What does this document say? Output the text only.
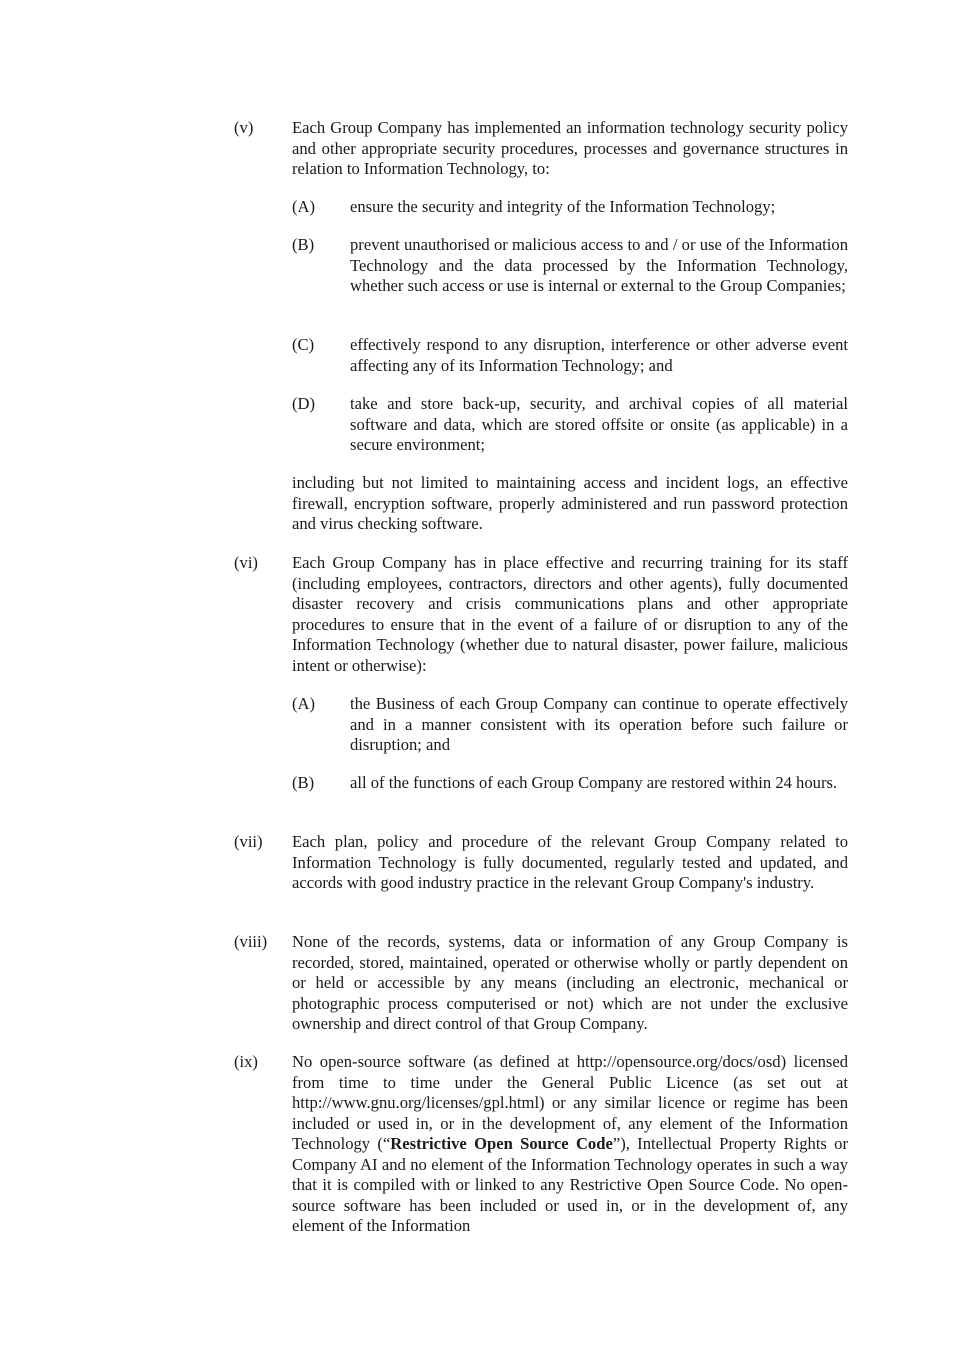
(v) Each Group Company has implemented an information technology security policy and other appropriate security procedures, processes and governance structures in relation to Information Technology, to:
(A) ensure the security and integrity of the Information Technology;
(B) prevent unauthorised or malicious access to and / or use of the Information Technology and the data processed by the Information Technology, whether such access or use is internal or external to the Group Companies;
(C) effectively respond to any disruption, interference or other adverse event affecting any of its Information Technology; and
(D) take and store back-up, security, and archival copies of all material software and data, which are stored offsite or onsite (as applicable) in a secure environment;
including but not limited to maintaining access and incident logs, an effective firewall, encryption software, properly administered and run password protection and virus checking software.
(vi) Each Group Company has in place effective and recurring training for its staff (including employees, contractors, directors and other agents), fully documented disaster recovery and crisis communications plans and other appropriate procedures to ensure that in the event of a failure of or disruption to any of the Information Technology (whether due to natural disaster, power failure, malicious intent or otherwise):
(A) the Business of each Group Company can continue to operate effectively and in a manner consistent with its operation before such failure or disruption; and
(B) all of the functions of each Group Company are restored within 24 hours.
(vii) Each plan, policy and procedure of the relevant Group Company related to Information Technology is fully documented, regularly tested and updated, and accords with good industry practice in the relevant Group Company's industry.
(viii) None of the records, systems, data or information of any Group Company is recorded, stored, maintained, operated or otherwise wholly or partly dependent on or held or accessible by any means (including an electronic, mechanical or photographic process computerised or not) which are not under the exclusive ownership and direct control of that Group Company.
(ix) No open-source software (as defined at http://opensource.org/docs/osd) licensed from time to time under the General Public Licence (as set out at http://www.gnu.org/licenses/gpl.html) or any similar licence or regime has been included or used in, or in the development of, any element of the Information Technology (“Restrictive Open Source Code”), Intellectual Property Rights or Company AI and no element of the Information Technology operates in such a way that it is compiled with or linked to any Restrictive Open Source Code. No open-source software has been included or used in, or in the development of, any element of the Information
